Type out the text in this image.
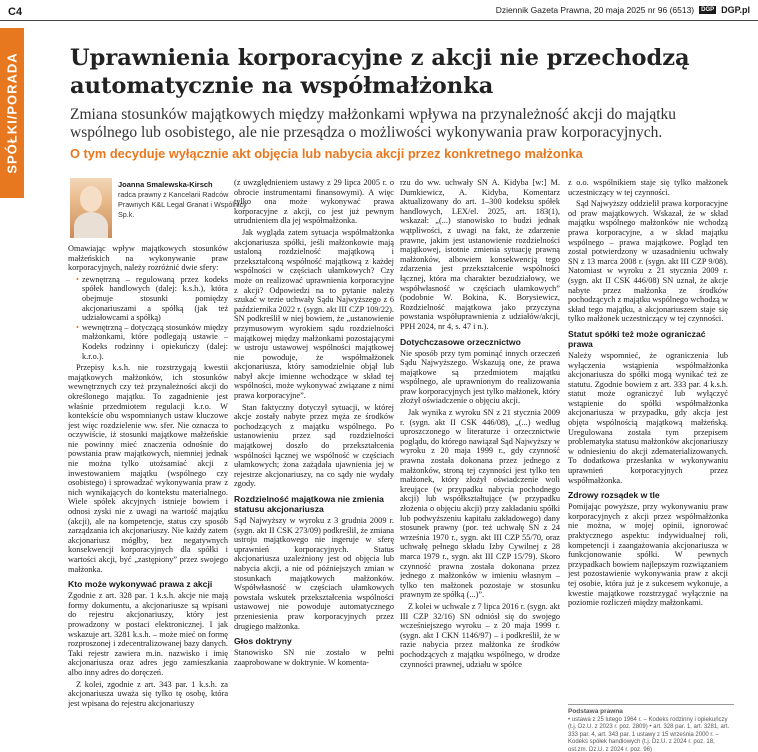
C4	Dziennik Gazeta Prawna, 20 maja 2025 nr 96 (6513)	DGP DGP.pl
SPÓŁKI/PORADA Uprawnienia korporacyjne z akcji nie przechodzą automatycznie na współmałżonka
Zmiana stosunków majątkowych między małżonkami wpływa na przynależność akcji do majątku wspólnego lub osobistego, ale nie przesądza o możliwości wykonywania praw korporacyjnych.
O tym decyduje wyłącznie akt objęcia lub nabycia akcji przez konkretnego małżonka
Joanna Smalewska-Kirsch
radca prawny z Kancelarii Radców Prawnych K&L Legal Granat i Wspólnicy Sp.k.

Omawiając wpływ majątkowych stosunków małżeńskich na wykonywanie praw korporacyjnych, należy rozróżnić dwie sfery:

• zewnętrzną – regulowaną przez kodeks spółek handlowych (dalej: k.s.h.), która obejmuje stosunki pomiędzy akcjonariuszami a spółką (jak też udziałowcami a spółką)
• wewnętrzną – dotyczącą stosunków między małżonkami, które podlegają ustawie – Kodeks rodzinny i opiekuńczy (dalej: k.r.o.).

Przepisy k.s.h. nie rozstrzygają kwestii majątkowych małżonków, ich stosunków wewnętrznych czy też przynależności akcji do określonego majątku. To zagadnienie jest właśnie przedmiotem regulacji k.r.o. W kontekście obu wspomnianych ustaw kluczowe jest więc rozdzielenie ww. sfer. Nie oznacza to oczywiście, iż stosunki majątkowe małżeńskie nie powinny mieć znaczenia odnośnie do powstania praw majątkowych, niemniej jednak nie można tylko utożsamiać akcji z inwestowaniem majątku (wspólnego czy osobistego) i sprowadzać wykonywania praw z nich wynikających do kontekstu materialnego. Wiele spółek akcyjnych istnieje bowiem i odnosi zyski nie z uwagi na wartość majątku (akcji), ale na kompetencje, status czy sposób zarządzania ich akcjonariuszy. Nie każdy zatem akcjonariusz mógłby, bez negatywnych konsekwencji korporacyjnych dla spółki i wartości akcji, być „zastępiony” przez swojego małżonka.

Kto może wykonywać prawa z akcji

Zgodnie z art. 328 par. 1 k.s.h. akcje nie mają formy dokumentu, a akcjonariusze są wpisani do rejestru akcjonariuszy, który jest prowadzony w postaci elektronicznej. I jak wskazuje art. 3281 k.s.h. – może mieć on formę rozproszonej i zdecentralizowanej bazy danych. Taki rejestr zawiera m.in. nazwisko i imię akcjonariusza oraz adres jego zamieszkania albo inny adres do doręczeń.

Z kolei, zgodnie z art. 343 par. 1 k.s.h. za akcjonariusza uważa się tylko tę osobę, która jest wpisana do rejestru akcjonariuszy

(z uwzględnieniem ustawy z 29 lipca 2005 r. o obrocie instrumentami finansowymi). A więc tylko ona może wykonywać prawa korporacyjne z akcji, co jest już pewnym utrudnieniem dla jej współmałżonka.

Jak wygląda zatem sytuacja współmałżonka akcjonariusza spółki, jeśli małżonkowie mają ustaloną rozdzielność majątkową i przekształconą współność majątkową z każdej wspólności w częściach ułamkowych? Czy może on realizować uprawnienia korporacyjne z akcji? Odpowiedzi na to pytanie należy szukać w tezie uchwały Sądu Najwyższego z 6 października 2022 r. (sygn. akt III CZP 109/22). SN podkreślił w niej bowiem, że „ustanowienie przymusowym wyrokiem sądu rozdzielności majątkowej między małżonkami pozostającymi w ustroju ustawowej wspólności majątkowej nie powoduje, że współmałżonek akcjonariusza, który samodzielnie objął lub nabył akcje imienne wchodzące w skład tej wspólności, może wykonywać związane z nimi prawa korporacyjne”.

Stan faktyczny dotyczył sytuacji, w której akcje zostały nabyte przez męża ze środków pochodzących z majątku wspólnego. Po ustanowieniu przez sąd rozdzielności majątkowej doszło do przekształcenia wspólności łącznej we wspólność w częściach ułamkowych; żona zażądała ujawnienia jej w rejestrze akcjonariuszy, na co sądy nie wydały zgody.

Rozdzielność majątkowa nie zmienia statusu akcjonariusza

Sąd Najwyższy w wyroku z 3 grudnia 2009 r. (sygn. akt II CSK 273/09) podkreślił, że zmiana ustroju majątkowego nie ingeruje w sferę uprawnień korporacyjnych. Status akcjonariusza uzależniony jest od objęcia lub nabycia akcji, a nie od późniejszych zmian w stosunkach majątkowych małżonków. Współwłasność w częściach ułamkowych powstała wskutek przekształcenia wspólności ustawowej nie powoduje automatycznego przeniesienia praw korporacyjnych przez drugiego małżonka.

Głos doktryny

Stanowisko SN nie zostało w pełni zaaprobowane w doktrynie. W komenta-

rzu do ww. uchwały SN A. Kidyba [w:] M. Dumkiewicz, A. Kidyba, Komentarz aktualizowany do art. 1–300 kodeksu spółek handlowych, LEX/el. 2025, art. 183(1), wskazał: „(...) stanowisko to budzi jednak wątpliwości, z uwagi na fakt, że zdarzenie prawne, jakim jest ustanowienie rozdzielności majątkowej, istotnie zmienia sytuację prawną małżonków, albowiem konsekwencją tego zdarzenia jest przekształcenie wspólności łącznej, która ma charakter bezudziałowy, we współwłasność w częściach ułamkowych” (podobnie W. Bokina, K. Borysiewicz, Rozdzielność majątkowa jako przyczyna powstania współuprawnienia z udziałów/akcji, PPH 2024, nr 4, s. 47 i n.).

Dotychczasowe orzecznictwo

Nie sposób przy tym pominąć innych orzeczeń Sądu Najwyższego. Wskazują one, że prawa majątkowe są przedmiotem majątku wspólnego, ale uprawnionym do realizowania praw korporacyjnych jest tylko małżonek, który złożył oświadczenie o objęciu akcji.

Jak wynika z wyroku SN z 21 stycznia 2009 r. (sygn. akt II CSK 446/08), „(...) według uproszczonego w literaturze i orzecznictwie poglądu, do którego nawiązał Sąd Najwyższy w wyroku z 20 maja 1999 r., gdy czynność prawna została dokonana przez jednego z małżonków, stroną tej czynności jest tylko ten małżonek, który złożył oświadczenie woli kreujące (w przypadku nabycia pochodnego akcji) lub współkształtujące (w przypadku złożenia o objęciu akcji) przy zakładaniu spółki lub podwyższeniu kapitału zakładowego) dany stosunek prawny (por. też uchwałę SN z 24 września 1970 r., sygn. akt III CZP 55/70, oraz uchwałę pełnego składu Izby Cywilnej z 28 marca 1979 r., sygn. akt III CZP 15/79). Skoro czynność prawna została dokonana przez jednego z małżonków w imieniu własnym – tylko ten małżonek pozostaje w stosunku prawnym ze spółką (...)”.

Z kolei w uchwale z 7 lipca 2016 r. (sygn. akt III CZP 32/16) SN odniósł się do swojego wcześniejszego wyroku – z 20 maja 1999 r. (sygn. akt I CKN 1146/97) – i podkreślił, że w razie nabycia przez małżonka ze środków pochodzących z majątku wspólnego, w drodze czynności prawnej, udziału w spółce

z o.o. wspólnikiem staje się tylko małżonek uczestniczący w tej czynności.

Sąd Najwyższy oddzielił prawa korporacyjne od praw majątkowych. Wskazał, że w skład majątku wspólnego małżonków nie wchodzą prawa korporacyjne, a w skład majątku wspólnego – prawa majątkowe. Pogląd ten został potwierdzony w uzasadnieniu uchwały SN z 13 marca 2008 r. (sygn. akt III CZP 9/08). Natomiast w wyroku z 21 stycznia 2009 r. (sygn. akt II CSK 446/08) SN uznał, że akcje nabyte przez małżonka ze środków pochodzących z majątku wspólnego wchodzą w skład tego majątku, a akcjonariuszem staje się tylko małżonek uczestniczący w tej czynności.

Statut spółki też może ograniczać prawa

Należy wspomnieć, że ograniczenia lub wyłączenia wstąpienia współmałżonka akcjonariusza do spółki mogą wynikać też ze statutu. Zgodnie bowiem z art. 333 par. 4 k.s.h. statut może ograniczyć lub wyłączyć wstąpienie do spółki współmałżonka akcjonariusza w przypadku, gdy akcja jest objęta wspólnością majątkową małżeńską. Uregulowana została tym przepisem problematyka statusu małżonków akcjonariuszy w odniesieniu do akcji zdematerializowanych. To dodatkowa przesłanka w wykonywaniu uprawnień korporacyjnych przez współmałżonka.

Zdrowy rozsądek w tle

Pomijając powyższe, przy wykonywaniu praw korporacyjnych z akcji przez współmałżonka nie można, w mojej opinii, ignorować praktycznego aspektu: indywidualnej roli, kompetencji i zaangażowania akcjonariusza w funkcjonowanie spółki. W pewnych przypadkach bowiem najlepszym rozwiązaniem jest pozostawienie wykonywania praw z akcji tej osobie, która już je z sukcesem wykonuje, a kwestie majątkowe rozstrzygać wyłącznie na poziomie rozliczeń między małżonkami.

Podstawa prawna
• ustawa z 25 lutego 1964 r. – Kodeks rodzinny i opiekuńczy (t.j. Dz.U. z 2023 r. poz. 2809) • art. 328 par. 1, art. 3281, art. 333 par. 4, art. 343 par. 1 ustawy z 15 września 2000 r. – Kodeks spółek handlowych (t.j. Dz.U. z 2024 r. poz. 18, ost.zm. Dz.U. z 2024 r. poz. 96)
